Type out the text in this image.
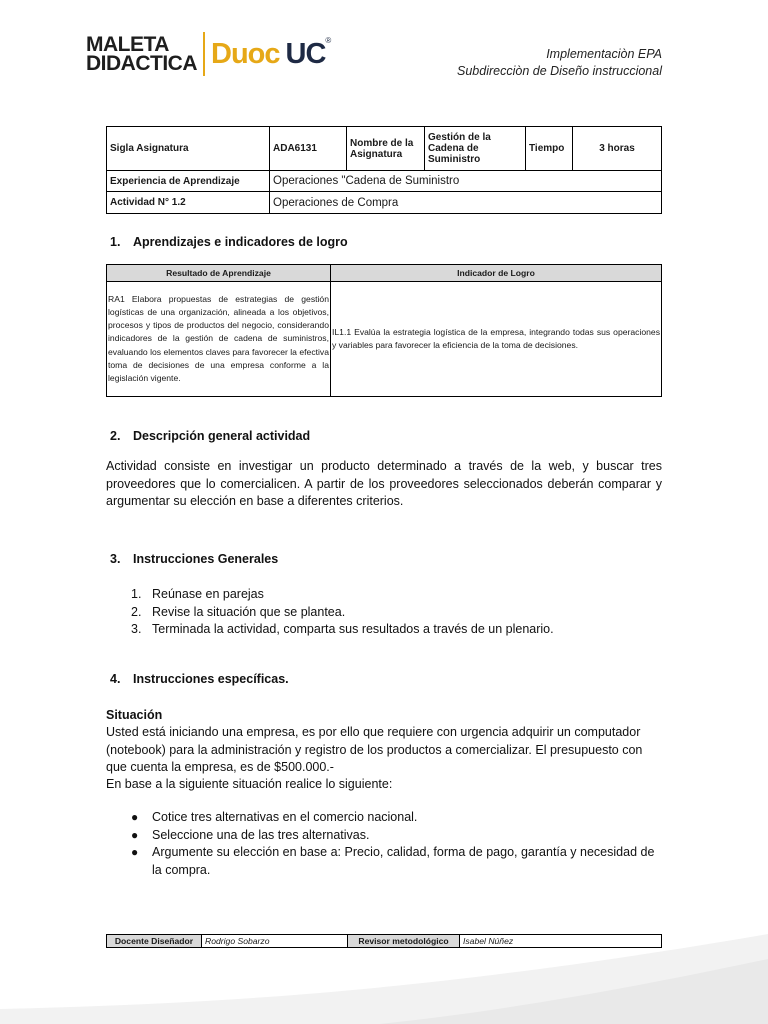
MALETA
DIDACTICA Duoc UC ®
Implementaciòn EPA
Subdirecciòn de Diseño instruccional
Sigla Asignatura	ADA6131	Nombre de la Asignatura	Gestión de la Cadena de Suministro	Tiempo	3 horas
Experiencia de Aprendizaje	Operaciones "Cadena de Suministro				
Actividad N° 1.2	Operaciones de Compra				
1. Aprendizajes e indicadores de logro
Resultado de Aprendizaje	Indicador de Logro
RA1 Elabora propuestas de estrategias de gestión logísticas de una organización, alineada a los objetivos, procesos y tipos de productos del negocio, considerando indicadores de la gestión de cadena de suministros, evaluando los elementos claves para favorecer la efectiva toma de decisiones de una empresa conforme a la legislación vigente.	IL1.1 Evalúa la estrategia logística de la empresa, integrando todas sus operaciones y variables para favorecer la eficiencia de la toma de decisiones.
2. Descripción general actividad
Actividad consiste en investigar un producto determinado a través de la web, y buscar tres proveedores que lo comercialicen. A partir de los proveedores seleccionados deberán comparar y argumentar su elección en base a diferentes criterios.
3. Instrucciones Generales
1. Reúnase en parejas
2. Revise la situación que se plantea.
3. Terminada la actividad, comparta sus resultados a través de un plenario.
4. Instrucciones específicas.
Situación
Usted está iniciando una empresa, es por ello que requiere con urgencia adquirir un computador (notebook) para la administración y registro de los productos a comercializar. El presupuesto con que cuenta la empresa, es de $500.000.-
En base a la siguiente situación realice lo siguiente:
●	Cotice tres alternativas en el comercio nacional.
●	Seleccione una de las tres alternativas.
●	Argumente su elección en base a: Precio, calidad, forma de pago, garantía y necesidad de la compra.
Docente Diseñador	Rodrigo Sobarzo	Revisor metodológico	Isabel Núñez
